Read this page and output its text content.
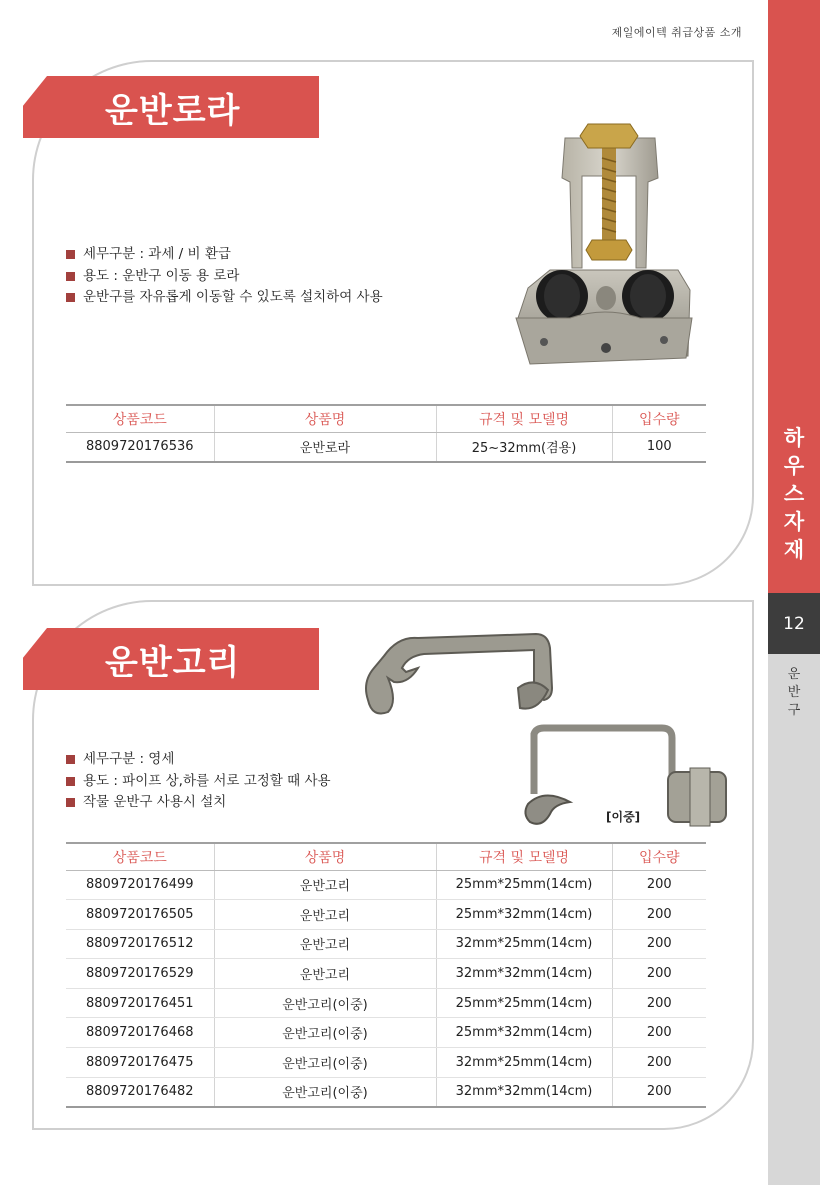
제일에이텍 취급상품 소개
하
우
스
자
재
12
운
반
구
운반로라
세무구분 : 과세 / 비 환급
용도 : 운반구 이동 용 로라
운반구를 자유롭게 이동할 수 있도록 설치하여 사용
상품코드	상품명	규격 및 모델명	입수량
8809720176536	운반로라	25~32mm(겸용)	100
운반고리
[이중]
세무구분 : 영세
용도 : 파이프 상,하를 서로 고정할 때 사용
작물 운반구 사용시 설치
상품코드	상품명	규격 및 모델명	입수량
8809720176499	운반고리	25mm*25mm(14cm)	200
8809720176505	운반고리	25mm*32mm(14cm)	200
8809720176512	운반고리	32mm*25mm(14cm)	200
8809720176529	운반고리	32mm*32mm(14cm)	200
8809720176451	운반고리(이중)	25mm*25mm(14cm)	200
8809720176468	운반고리(이중)	25mm*32mm(14cm)	200
8809720176475	운반고리(이중)	32mm*25mm(14cm)	200
8809720176482	운반고리(이중)	32mm*32mm(14cm)	200
